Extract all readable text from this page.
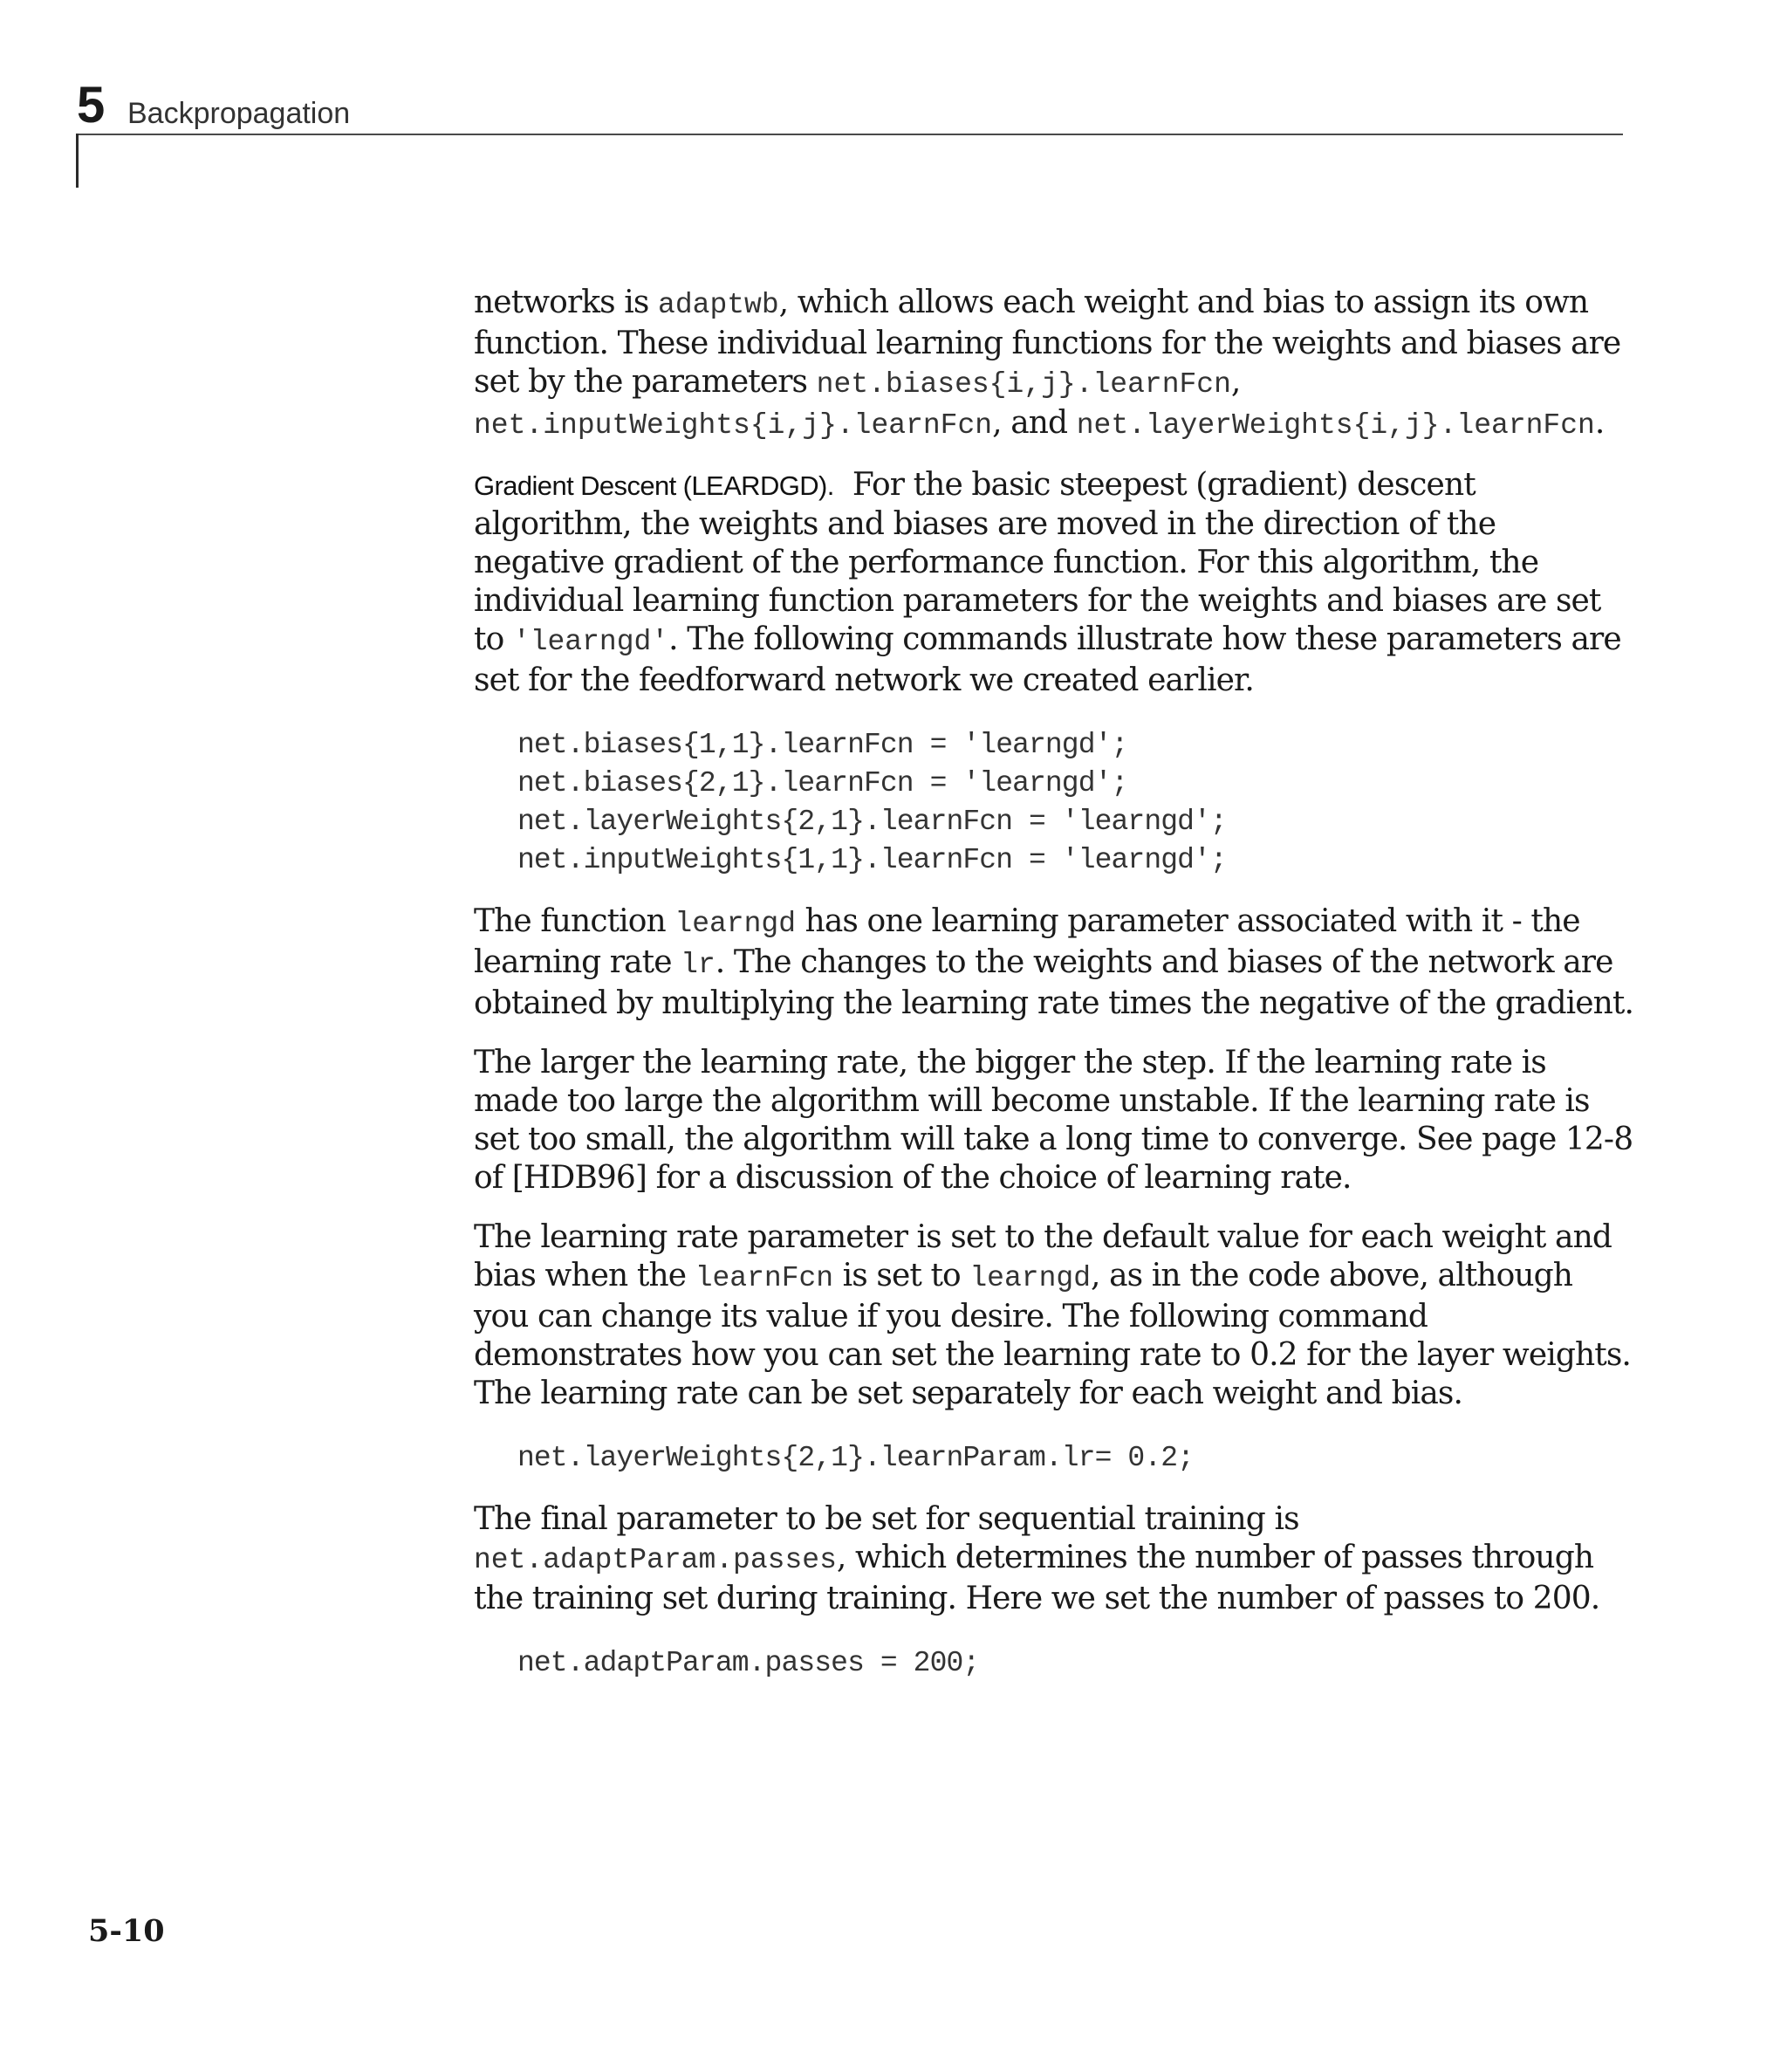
5 Backpropagation

networks is adaptwb, which allows each weight and bias to assign its own function. These individual learning functions for the weights and biases are set by the parameters net.biases{i,j}.learnFcn, net.inputWeights{i,j}.learnFcn, and net.layerWeights{i,j}.learnFcn.

Gradient Descent (LEARDGD). For the basic steepest (gradient) descent algorithm, the weights and biases are moved in the direction of the negative gradient of the performance function. For this algorithm, the individual learning function parameters for the weights and biases are set to 'learngd'. The following commands illustrate how these parameters are set for the feedforward network we created earlier.

net.biases{1,1}.learnFcn = 'learngd';
net.biases{2,1}.learnFcn = 'learngd';
net.layerWeights{2,1}.learnFcn = 'learngd';
net.inputWeights{1,1}.learnFcn = 'learngd';

The function learngd has one learning parameter associated with it - the learning rate lr. The changes to the weights and biases of the network are obtained by multiplying the learning rate times the negative of the gradient.

The larger the learning rate, the bigger the step. If the learning rate is made too large the algorithm will become unstable. If the learning rate is set too small, the algorithm will take a long time to converge. See page 12-8 of [HDB96] for a discussion of the choice of learning rate.

The learning rate parameter is set to the default value for each weight and bias when the learnFcn is set to learngd, as in the code above, although you can change its value if you desire. The following command demonstrates how you can set the learning rate to 0.2 for the layer weights. The learning rate can be set separately for each weight and bias.

net.layerWeights{2,1}.learnParam.lr= 0.2;

The final parameter to be set for sequential training is net.adaptParam.passes, which determines the number of passes through the training set during training. Here we set the number of passes to 200.

net.adaptParam.passes = 200;
5-10
